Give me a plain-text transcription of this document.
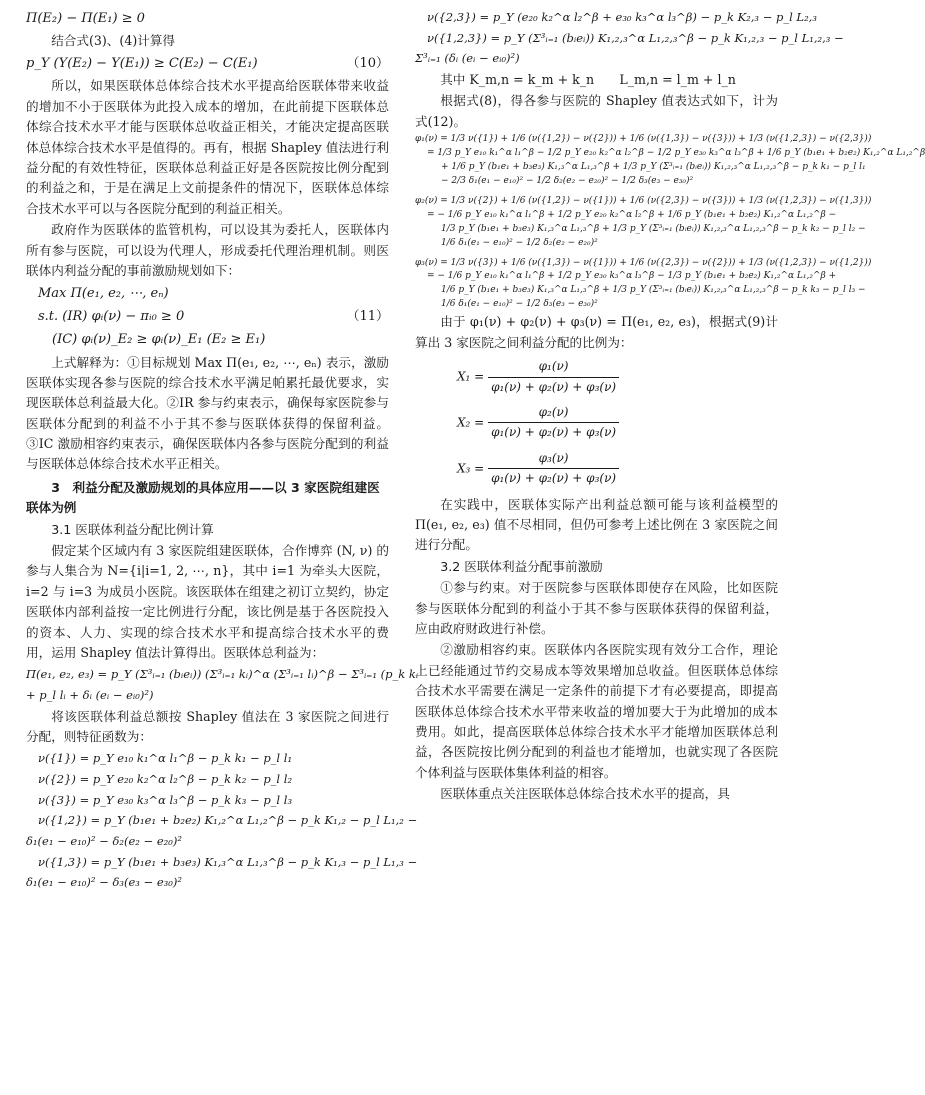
Π(E₂) − Π(E₁) ≥ 0

结合式(3)、(4)计算得

p_Y (Y(E₂) − Y(E₁)) ≥ C(E₂) − C(E₁)	（10）

所以，如果医联体总体综合技术水平提高给医联体带来收益的增加不小于医联体为此投入成本的增加，在此前提下医联体总体综合技术水平才能与医联体总收益正相关，才能决定提高医联体总体综合技术水平是值得的。再有，根据 Shapley 值法进行利益分配的有效性特征，医联体总利益正好是各医院按比例分配到的利益之和，于是在满足上文前提条件的情况下，医联体总体综合技术水平可以与各医院分配到的利益正相关。

政府作为医联体的监管机构，可以设其为委托人，医联体内所有参与医院，可以设为代理人，形成委托代理治理机制。则医联体内利益分配的事前激励规划如下：

Max Π(e₁, e₂, ⋯, eₙ)
s.t. (IR) φᵢ(ν) − πᵢ₀ ≥ 0	（11）
(IC) φᵢ(ν)_E₂ ≥ φᵢ(ν)_E₁ (E₂ ≥ E₁)

上式解释为：①目标规划 Max Π(e₁, e₂, ⋯, eₙ) 表示，激励医联体实现各参与医院的综合技术水平满足帕累托最优要求，实现医联体总利益最大化。②IR 参与约束表示，确保每家医院参与医联体分配到的利益不小于其不参与医联体获得的保留利益。③IC 激励相容约束表示，确保医联体内各参与医院分配到的利益与医联体总体综合技术水平正相关。

3　利益分配及激励规划的具体应用——以 3 家医院组建医联体为例
3.1 医联体利益分配比例计算

假定某个区域内有 3 家医院组建医联体，合作博弈 (N, ν) 的参与人集合为 N={i|i=1, 2, ⋯, n}，其中 i=1 为牵头大医院，i=2 与 i=3 为成员小医院。该医联体在组建之初订立契约，协定医联体内部利益按一定比例进行分配，该比例是基于各医院投入的资本、人力、实现的综合技术水平和提高综合技术水平的费用，运用 Shapley 值法计算得出。医联体总利益为：

Π(e₁, e₂, e₃) = p_Y (Σ³ᵢ₌₁ (bᵢeᵢ)) (Σ³ᵢ₌₁ kᵢ)^α (Σ³ᵢ₌₁ lᵢ)^β − Σ³ᵢ₌₁ (p_k kᵢ
+ p_l lᵢ + δᵢ (eᵢ − eᵢ₀)²)

将该医联体利益总额按 Shapley 值法在 3 家医院之间进行分配，则特征函数为：

ν({1}) = p_Y e₁₀ k₁^α l₁^β − p_k k₁ − p_l l₁
ν({2}) = p_Y e₂₀ k₂^α l₂^β − p_k k₂ − p_l l₂
ν({3}) = p_Y e₃₀ k₃^α l₃^β − p_k k₃ − p_l l₃
ν({1,2}) = p_Y (b₁e₁ + b₂e₂) K₁,₂^α L₁,₂^β − p_k K₁,₂ − p_l L₁,₂ −
δ₁(e₁ − e₁₀)² − δ₂(e₂ − e₂₀)²
ν({1,3}) = p_Y (b₁e₁ + b₃e₃) K₁,₃^α L₁,₃^β − p_k K₁,₃ − p_l L₁,₃ −
δ₁(e₁ − e₁₀)² − δ₃(e₃ − e₃₀)²
ν({2,3}) = p_Y (e₂₀ k₂^α l₂^β + e₃₀ k₃^α l₃^β) − p_k K₂,₃ − p_l L₂,₃
ν({1,2,3}) = p_Y (Σ³ᵢ₌₁ (bᵢeᵢ)) K₁,₂,₃^α L₁,₂,₃^β − p_k K₁,₂,₃ − p_l L₁,₂,₃ −
Σ³ᵢ₌₁ (δᵢ (eᵢ − eᵢ₀)²)

其中 K_m,n = k_m + k_n　　L_m,n = l_m + l_n

根据式(8)，得各参与医院的 Shapley 值表达式如下，计为式(12)。

φ₁(ν) = 1/3 ν({1}) + 1/6 (ν({1,2}) − ν({2})) + 1/6 (ν({1,3}) − ν({3})) + 1/3 (ν({1,2,3}) − ν({2,3}))
= 1/3 p_Y e₁₀ k₁^α l₁^β − 1/2 p_Y e₂₀ k₂^α l₂^β − 1/2 p_Y e₃₀ k₃^α l₃^β + 1/6 p_Y (b₁e₁ + b₂e₂) K₁,₂^α L₁,₂^β
+ 1/6 p_Y (b₁e₁ + b₃e₃) K₁,₃^α L₁,₃^β + 1/3 p_Y (Σ³ᵢ₌₁ (bᵢeᵢ)) K₁,₂,₃^α L₁,₂,₃^β − p_k k₁ − p_l l₁
− 2/3 δ₁(e₁ − e₁₀)² − 1/2 δ₂(e₂ − e₂₀)² − 1/2 δ₃(e₃ − e₃₀)²
φ₂(ν) = 1/3 ν({2}) + 1/6 (ν({1,2}) − ν({1})) + 1/6 (ν({2,3}) − ν({3})) + 1/3 (ν({1,2,3}) − ν({1,3}))
= − 1/6 p_Y e₁₀ k₁^α l₁^β + 1/2 p_Y e₂₀ k₂^α l₂^β + 1/6 p_Y (b₁e₁ + b₂e₂) K₁,₂^α L₁,₂^β −
1/3 p_Y (b₁e₁ + b₃e₃) K₁,₃^α L₁,₃^β + 1/3 p_Y (Σ³ᵢ₌₁ (bᵢeᵢ)) K₁,₂,₃^α L₁,₂,₃^β − p_k k₂ − p_l l₂ −
1/6 δ₁(e₁ − e₁₀)² − 1/2 δ₂(e₂ − e₂₀)²
φ₃(ν) = 1/3 ν({3}) + 1/6 (ν({1,3}) − ν({1})) + 1/6 (ν({2,3}) − ν({2})) + 1/3 (ν({1,2,3}) − ν({1,2}))
= − 1/6 p_Y e₁₀ k₁^α l₁^β + 1/2 p_Y e₃₀ k₃^α l₃^β − 1/3 p_Y (b₁e₁ + b₂e₂) K₁,₂^α L₁,₂^β +
1/6 p_Y (b₁e₁ + b₃e₃) K₁,₃^α L₁,₃^β + 1/3 p_Y (Σ³ᵢ₌₁ (bᵢeᵢ)) K₁,₂,₃^α L₁,₂,₃^β − p_k k₃ − p_l l₃ −
1/6 δ₁(e₁ − e₁₀)² − 1/2 δ₃(e₃ − e₃₀)²

由于 φ₁(ν) + φ₂(ν) + φ₃(ν) = Π(e₁, e₂, e₃)，根据式(9)计算出 3 家医院之间利益分配的比例为：

$X_1 = \frac{\text{φ₁(ν)}}{\text{φ₁(ν) + φ₂(ν) + φ₃(ν)}}$
$X_2 = \frac{\text{φ₂(ν)}}{\text{φ₁(ν) + φ₂(ν) + φ₃(ν)}}$
$X_3 = \frac{\text{φ₃(ν)}}{\text{φ₁(ν) + φ₂(ν) + φ₃(ν)}}$

在实践中，医联体实际产出利益总额可能与该利益模型的 Π(e₁, e₂, e₃) 值不尽相同，但仍可参考上述比例在 3 家医院之间进行分配。

3.2 医联体利益分配事前激励

①参与约束。对于医院参与医联体即使存在风险，比如医院参与医联体分配到的利益小于其不参与医联体获得的保留利益，应由政府财政进行补偿。

②激励相容约束。医联体内各医院实现有效分工合作，理论上已经能通过节约交易成本等效果增加总收益。但医联体总体综合技术水平需要在满足一定条件的前提下才有必要提高，即提高医联体总体综合技术水平带来收益的增加要大于为此增加的成本费用。如此，提高医联体总体综合技术水平才能增加医联体总利益，各医院按比例分配到的利益也才能增加，也就实现了各医院个体利益与医联体集体利益的相容。

医联体重点关注医联体总体综合技术水平的提高，具
